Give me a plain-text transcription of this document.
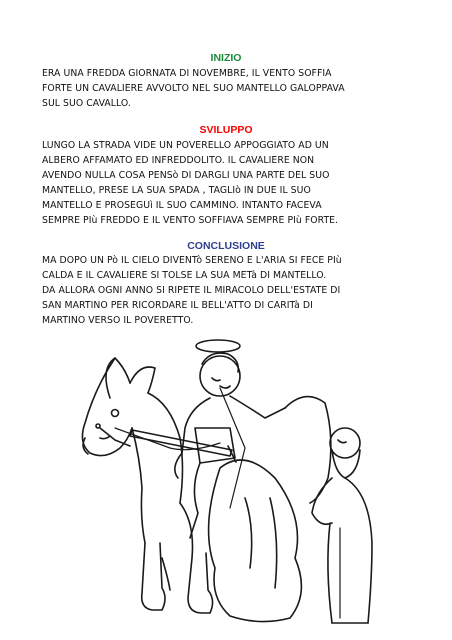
INIZIO
ERA UNA FREDDA GIORNATA DI NOVEMBRE, IL VENTO SOFFIA
FORTE UN CAVALIERE AVVOLTO NEL SUO MANTELLO GALOPPAVA
SUL SUO CAVALLO.
SVILUPPO
LUNGO LA STRADA VIDE UN POVERELLO APPOGGIATO AD UN
ALBERO AFFAMATO ED INFREDDOLITO. IL CAVALIERE NON
AVENDO NULLA COSA PENSò DI DARGLI UNA PARTE DEL SUO
MANTELLO, PRESE LA SUA SPADA , TAGLIò IN DUE IL SUO
MANTELLO E PROSEGUì IL SUO CAMMINO. INTANTO FACEVA
SEMPRE PIù FREDDO E IL VENTO SOFFIAVA SEMPRE PIù FORTE.
CONCLUSIONE
MA DOPO UN Pò IL CIELO DIVENTò SERENO E L'ARIA SI FECE PIù
CALDA E IL CAVALIERE SI TOLSE LA SUA METà DI MANTELLO.
DA ALLORA OGNI ANNO SI RIPETE IL MIRACOLO DELL'ESTATE DI
SAN MARTINO PER RICORDARE IL BELL'ATTO DI CARITà DI
MARTINO VERSO IL POVERETTO.
